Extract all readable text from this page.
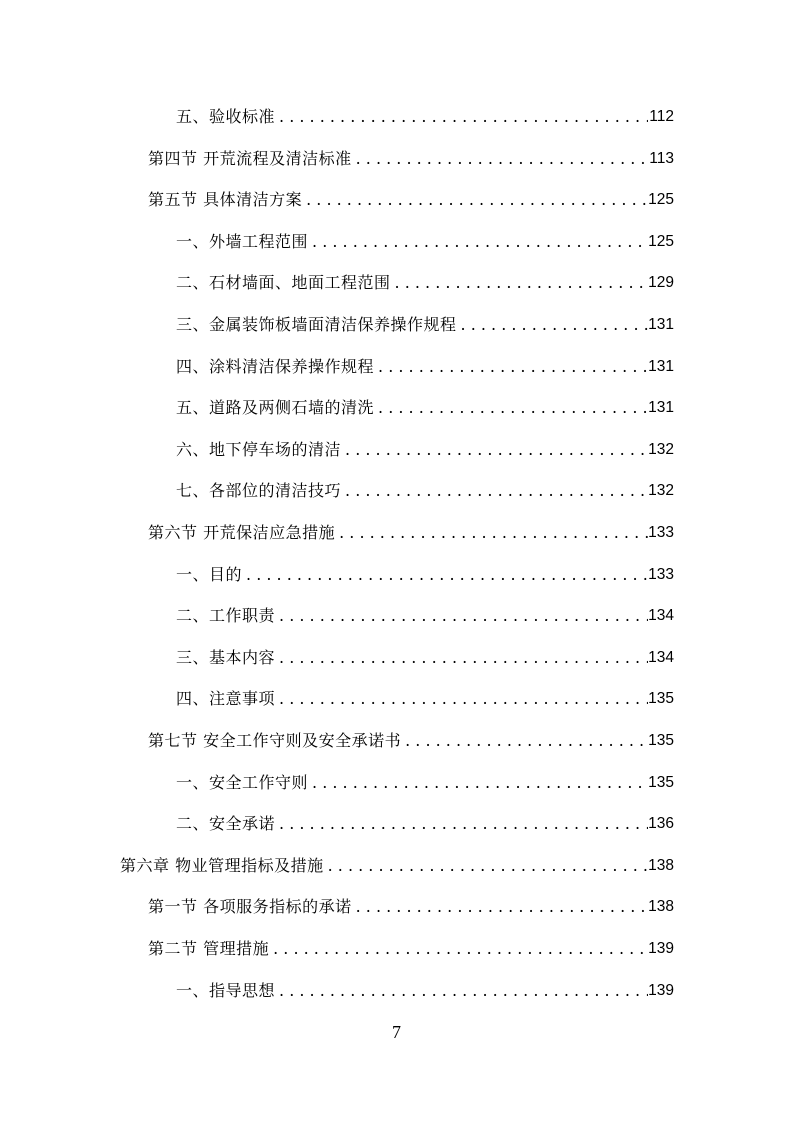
五、验收标准 . . .	112
第四节 开荒流程及清洁标准 . . .	113
第五节 具体清洁方案 . . .	125
一、外墙工程范围 . . .	125
二、石材墙面、地面工程范围 . . .	129
三、金属装饰板墙面清洁保养操作规程 . . .	131
四、涂料清洁保养操作规程 . . .	131
五、道路及两侧石墙的清洗 . . .	131
六、地下停车场的清洁 . . .	132
七、各部位的清洁技巧 . . .	132
第六节 开荒保洁应急措施 . . .	133
一、目的 . . .	133
二、工作职责 . . .	134
三、基本内容 . . .	134
四、注意事项 . . .	135
第七节 安全工作守则及安全承诺书 . . .	135
一、安全工作守则 . . .	135
二、安全承诺 . . .	136
第六章 物业管理指标及措施 . . .	138
第一节 各项服务指标的承诺 . . .	138
第二节 管理措施 . . .	139
一、指导思想 . . .	139
7
